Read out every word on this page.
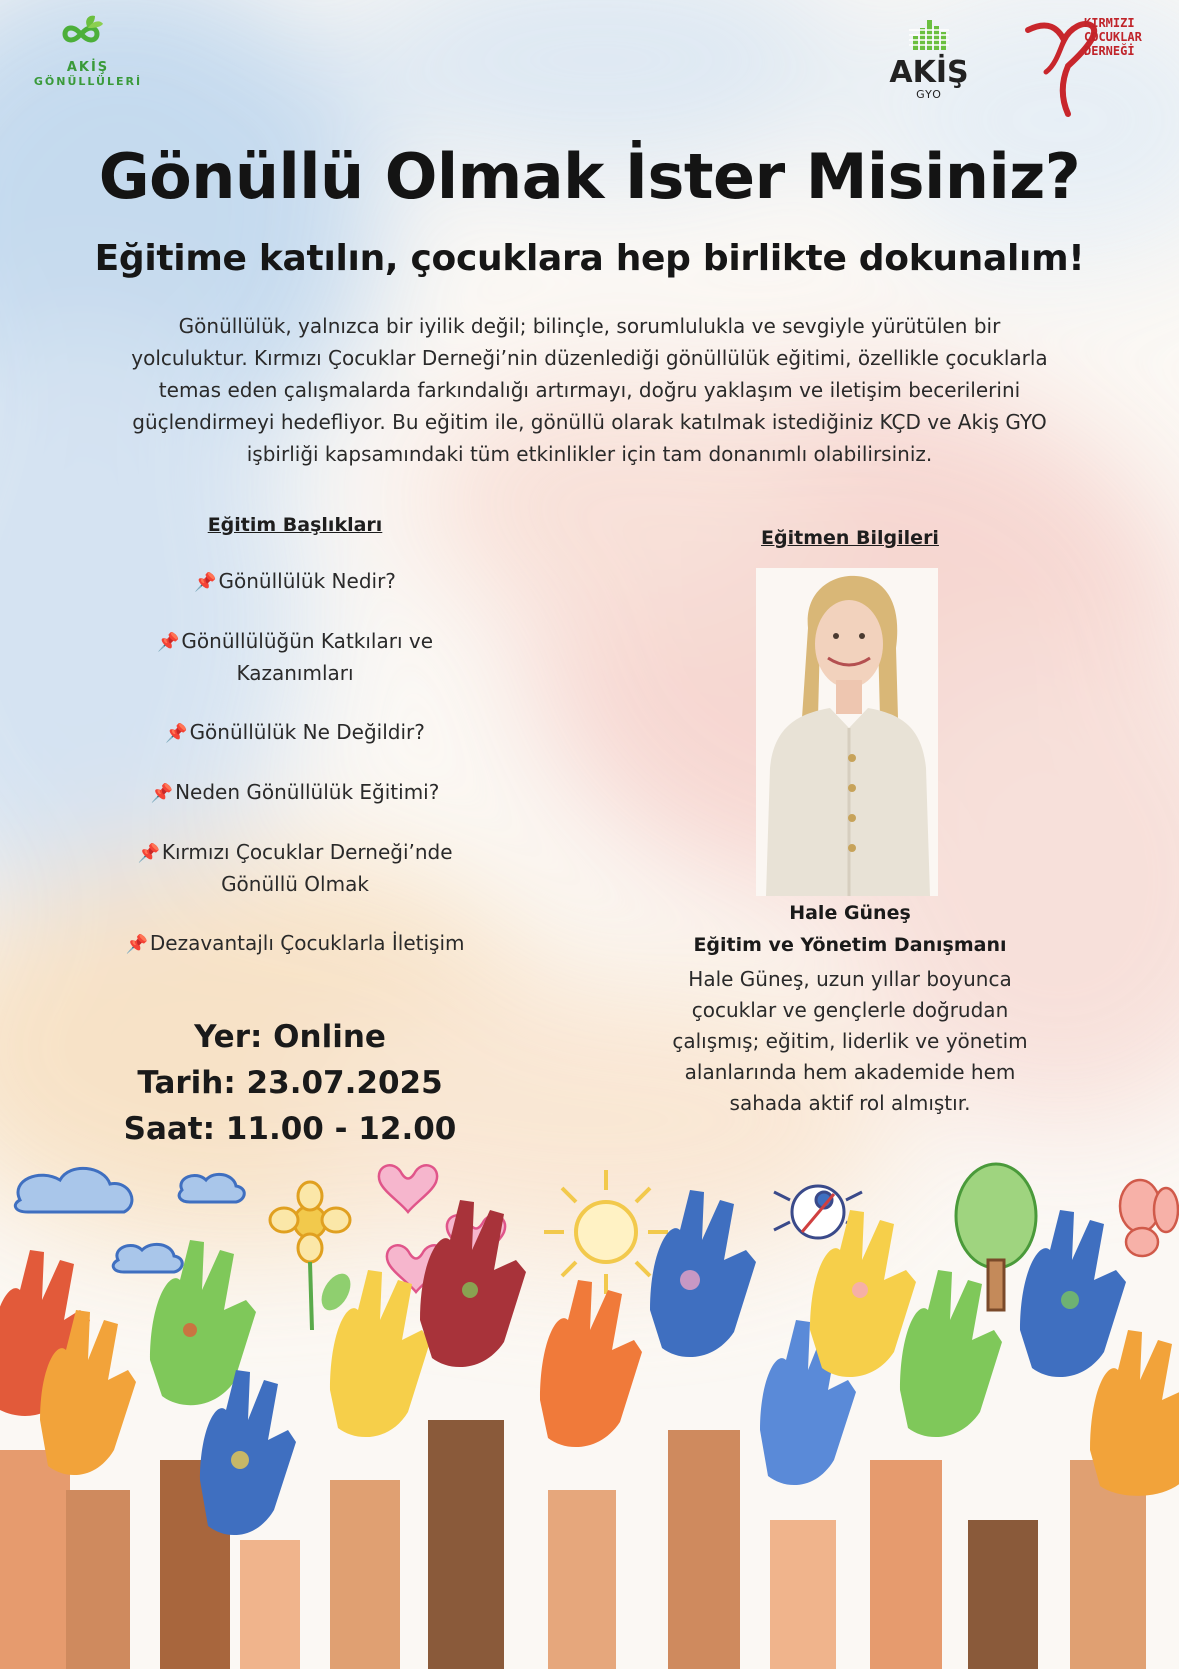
AKİŞ
GÖNÜLLÜLERİ	AKİŞ
GYO
KIRMIZI ÇOCUKLAR DERNEĞİ
Gönüllü Olmak İster Misiniz?
Eğitime katılın, çocuklara hep birlikte dokunalım!

Gönüllülük, yalnızca bir iyilik değil; bilinçle, sorumlulukla ve sevgiyle yürütülen bir
yolculuktur. Kırmızı Çocuklar Derneği’nin düzenlediği gönüllülük eğitimi, özellikle çocuklarla
temas eden çalışmalarda farkındalığı artırmayı, doğru yaklaşım ve iletişim becerilerini
güçlendirmeyi hedefliyor. Bu eğitim ile, gönüllü olarak katılmak istediğiniz KÇD ve Akiş GYO
işbirliği kapsamındaki tüm etkinlikler için tam donanımlı olabilirsiniz.

Eğitim Başlıkları

📌 Gönüllülük Nedir?

📌 Gönüllülüğün Katkıları ve
Kazanımları

📌 Gönüllülük Ne Değildir?

📌 Neden Gönüllülük Eğitimi?

📌 Kırmızı Çocuklar Derneği’nde
Gönüllü Olmak

📌 Dezavantajlı Çocuklarla İletişim

Yer: Online

Tarih: 23.07.2025

Saat: 11.00 - 12.00

Eğitmen Bilgileri

Hale Güneş

Eğitim ve Yönetim Danışmanı

Hale Güneş, uzun yıllar boyunca
çocuklar ve gençlerle doğrudan
çalışmış; eğitim, liderlik ve yönetim
alanlarında hem akademide hem
sahada aktif rol almıştır.
